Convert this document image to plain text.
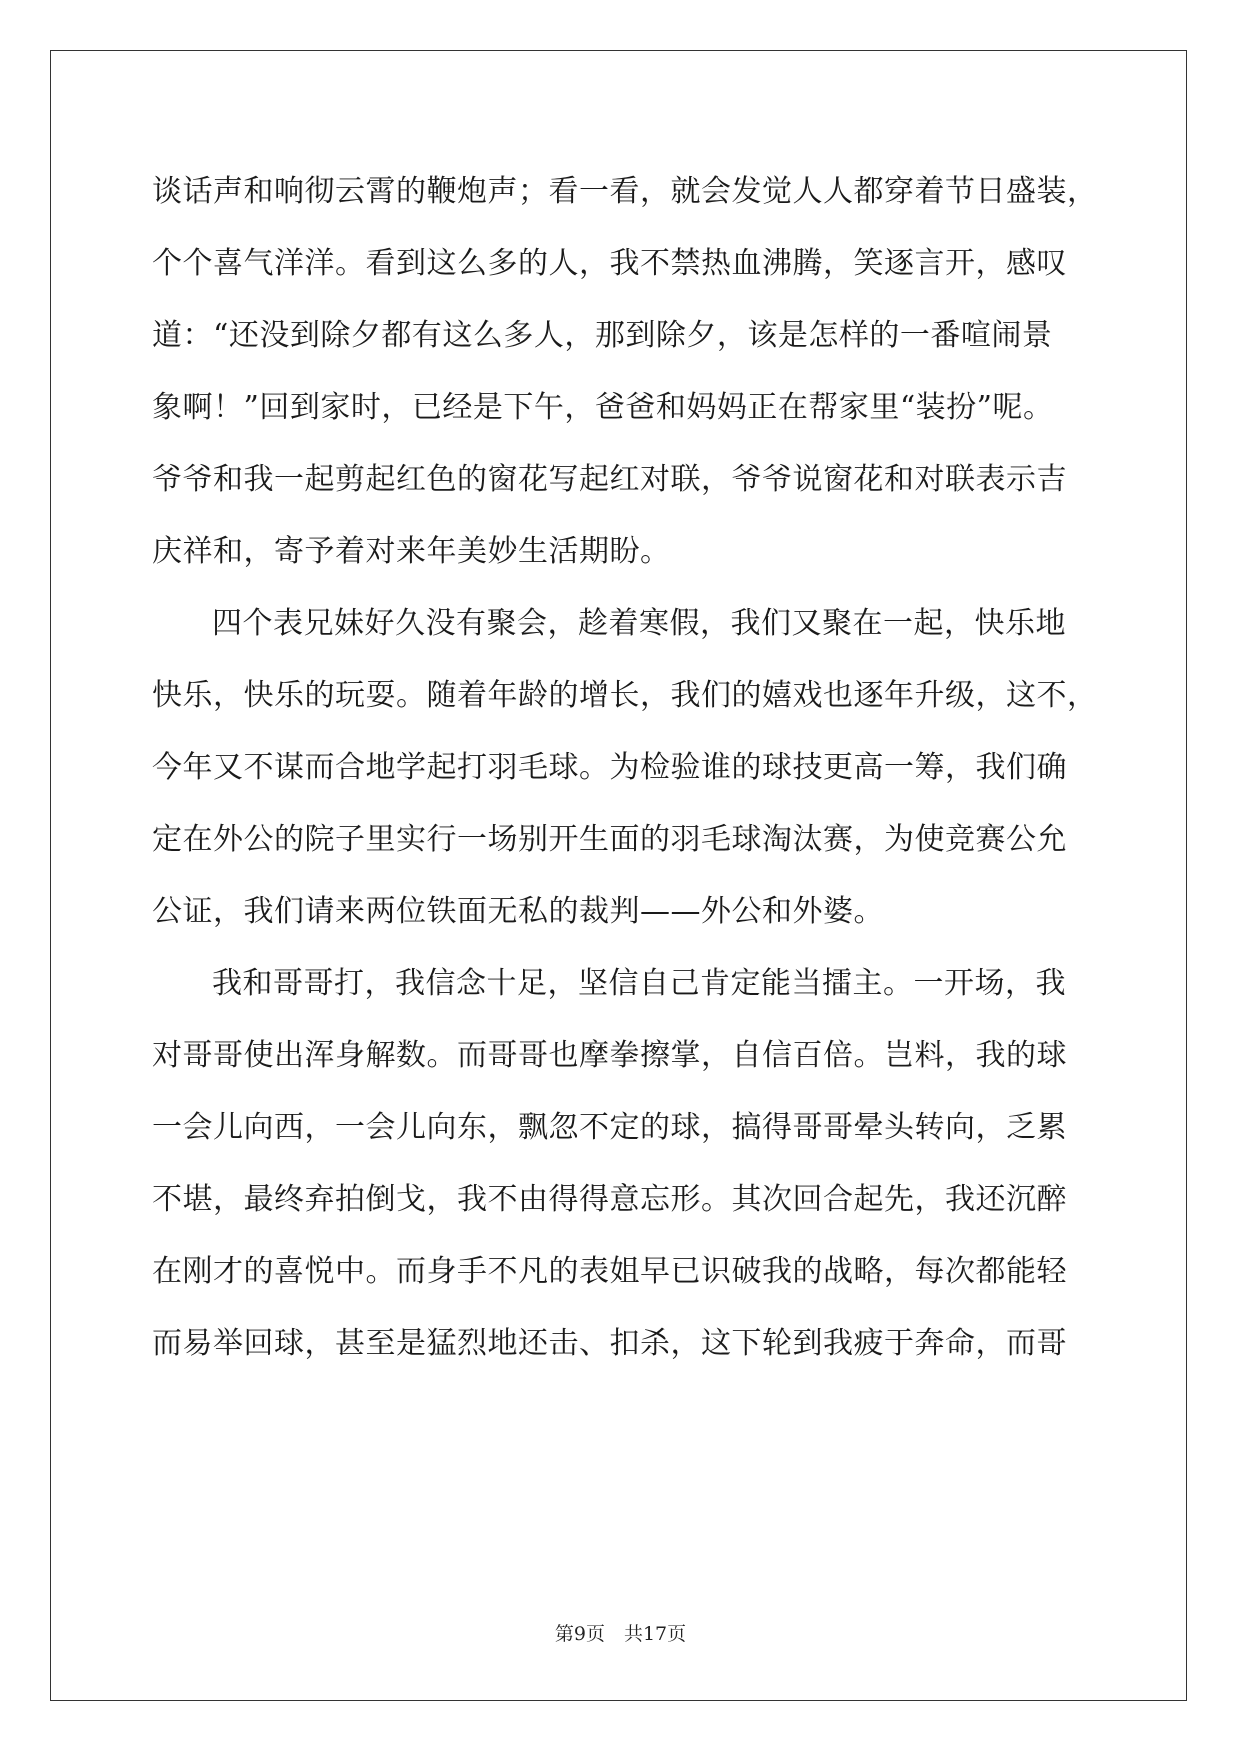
谈话声和响彻云霄的鞭炮声；看一看，就会发觉人人都穿着节日盛装，
个个喜气洋洋。看到这么多的人，我不禁热血沸腾，笑逐言开，感叹
道：“还没到除夕都有这么多人，那到除夕，该是怎样的一番喧闹景
象啊！”回到家时，已经是下午，爸爸和妈妈正在帮家里“装扮”呢。
爷爷和我一起剪起红色的窗花写起红对联，爷爷说窗花和对联表示吉
庆祥和，寄予着对来年美妙生活期盼。
四个表兄妹好久没有聚会，趁着寒假，我们又聚在一起，快乐地
快乐，快乐的玩耍。随着年龄的增长，我们的嬉戏也逐年升级，这不，
今年又不谋而合地学起打羽毛球。为检验谁的球技更高一筹，我们确
定在外公的院子里实行一场别开生面的羽毛球淘汰赛，为使竞赛公允
公证，我们请来两位铁面无私的裁判——外公和外婆。
我和哥哥打，我信念十足，坚信自己肯定能当擂主。一开场，我
对哥哥使出浑身解数。而哥哥也摩拳擦掌，自信百倍。岂料，我的球
一会儿向西，一会儿向东，飘忽不定的球，搞得哥哥晕头转向，乏累
不堪，最终弃拍倒戈，我不由得得意忘形。其次回合起先，我还沉醉
在刚才的喜悦中。而身手不凡的表姐早已识破我的战略，每次都能轻
而易举回球，甚至是猛烈地还击、扣杀，这下轮到我疲于奔命，而哥
第9页　共17页
